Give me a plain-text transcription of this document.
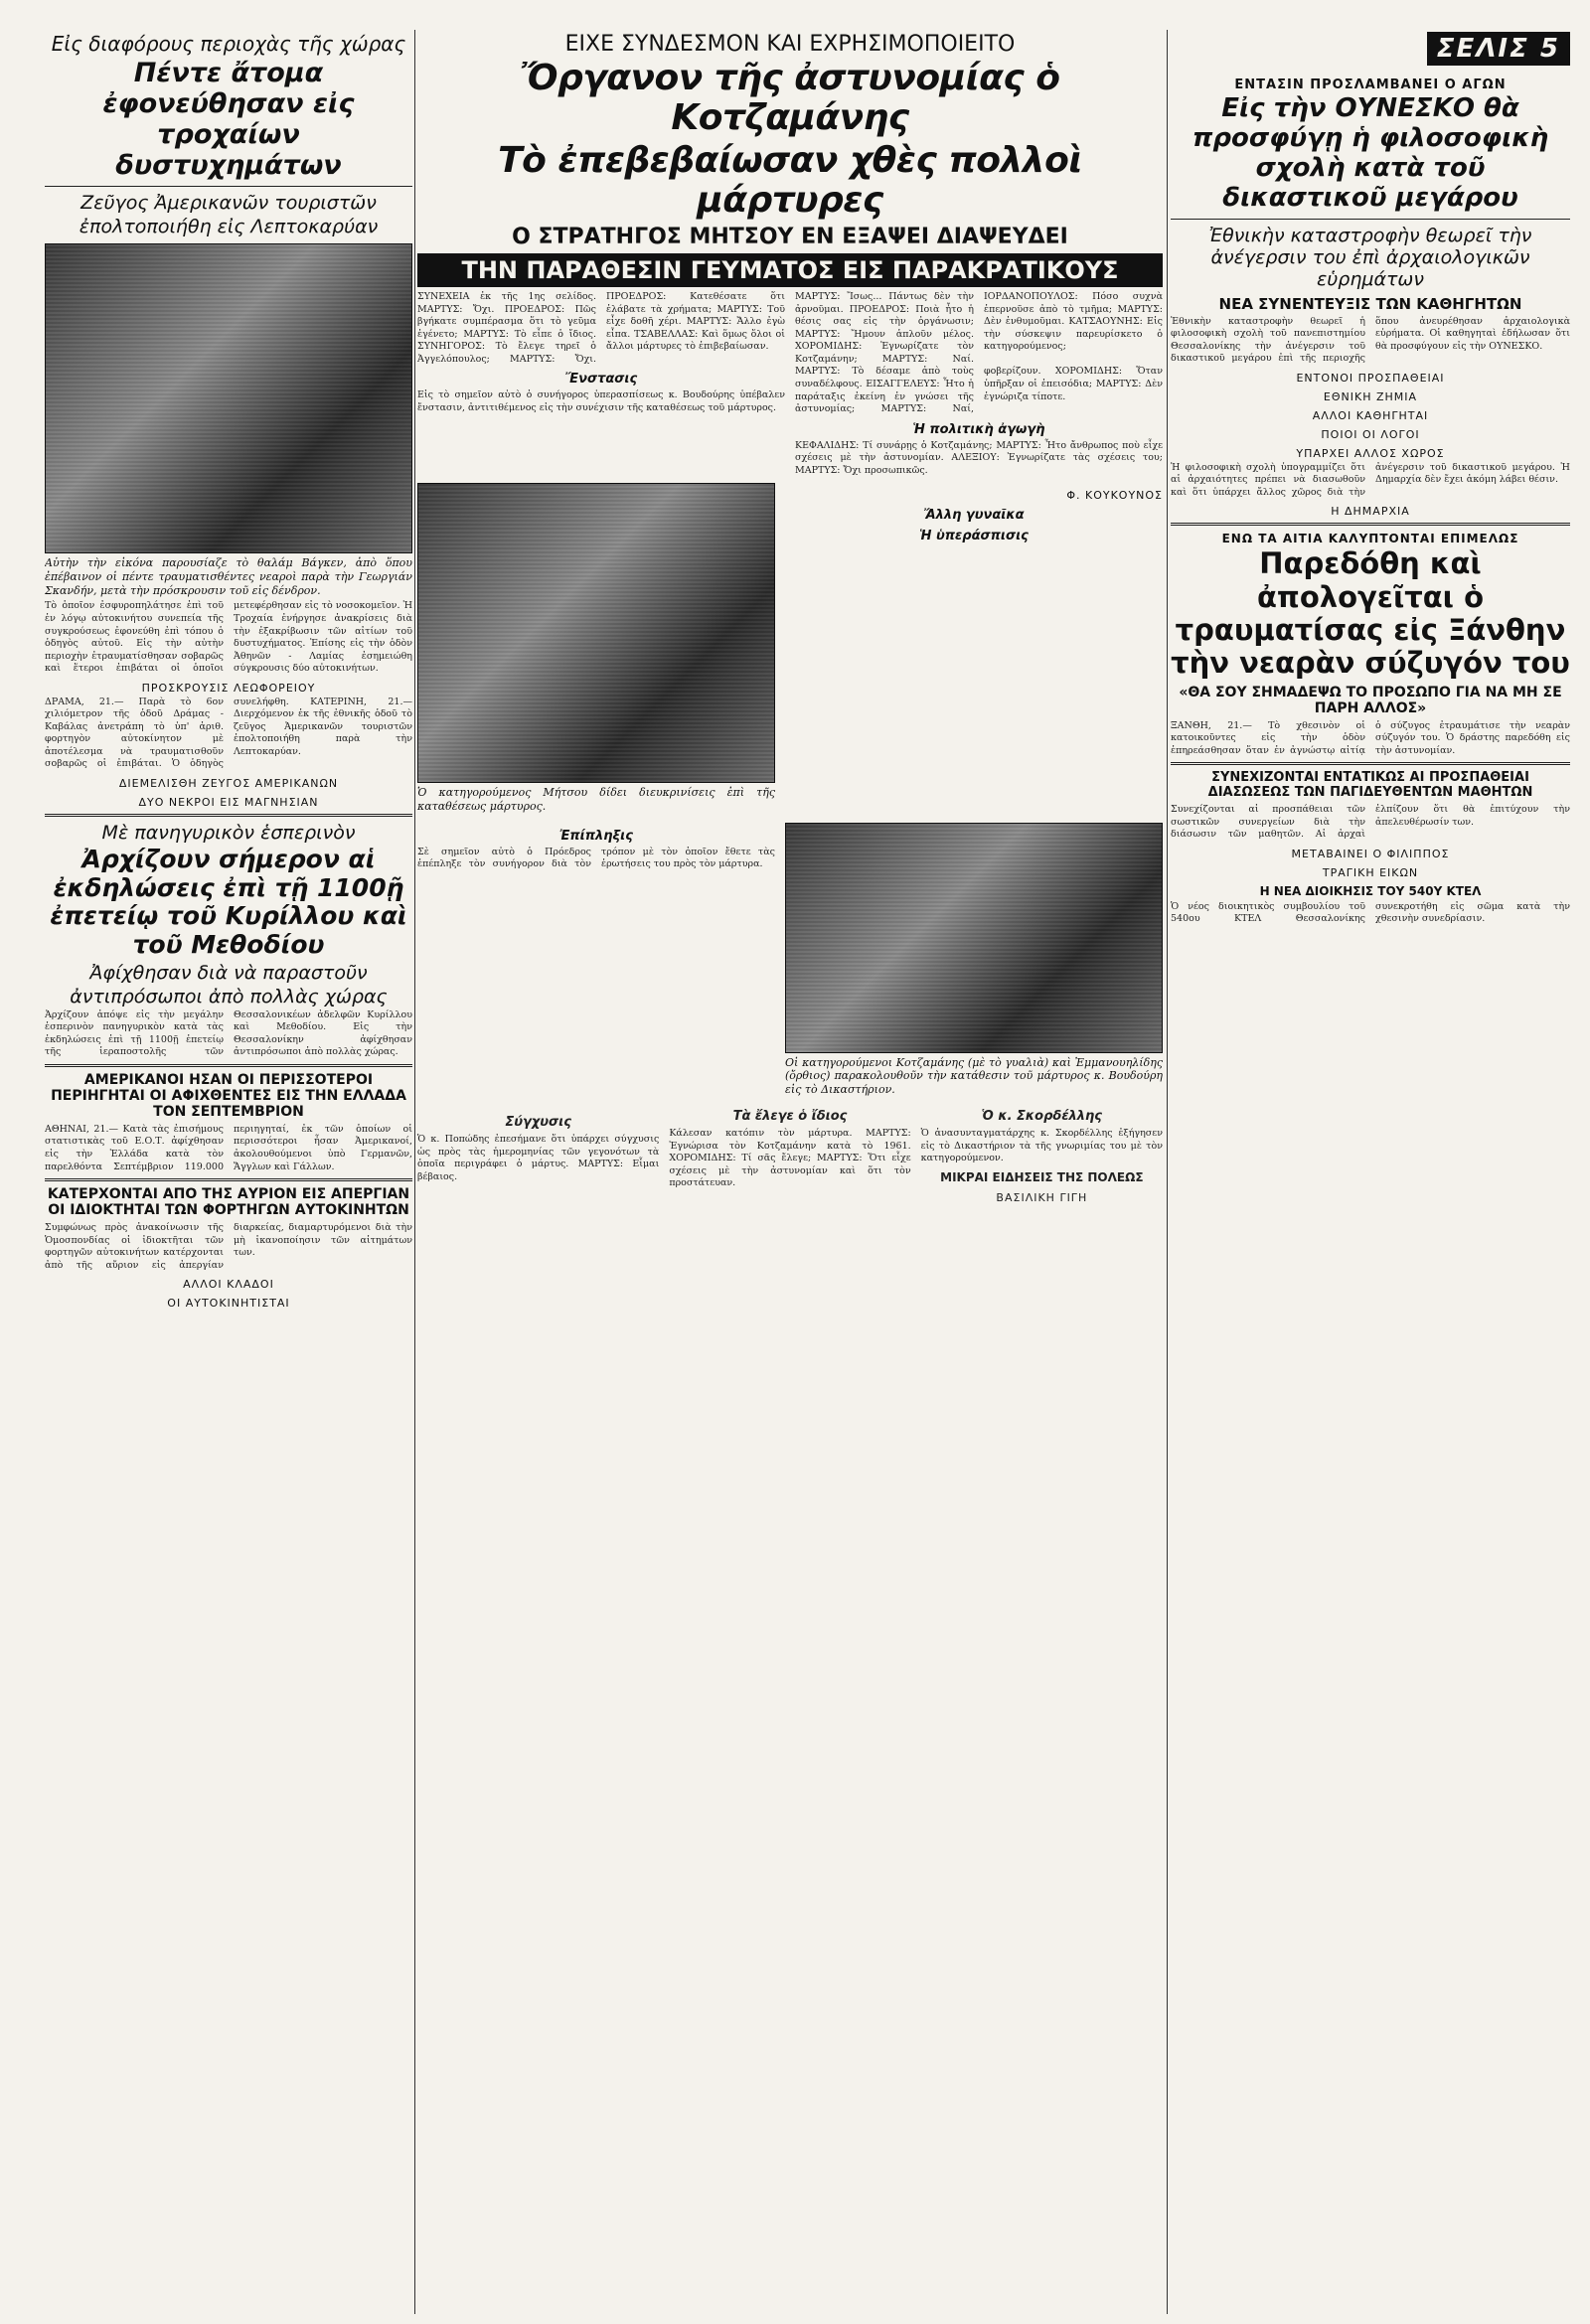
ΣΕΛΙΣ 5
Εἰς διαφόρους περιοχὰς τῆς χώρας
Πέντε ἄτομα ἐφονεύθησαν εἰς τροχαίων δυστυχημάτων
Ζεῦγος Ἀμερικανῶν τουριστῶν
ἐπολτοποιήθη εἰς Λεπτοκαρύαν
Αὐτὴν τὴν εἰκόνα παρουσίαζε τὸ θαλάμ Βάγκεν, ἀπὸ ὅπου ἐπέβαινον οἱ πέντε τραυματισθέντες νεαροὶ παρὰ τὴν Γεωργιάν Σκανδήν, μετὰ τὴν πρόσκρουσιν τοῦ εἰς δένδρον.

Τὸ ὁποῖον ἐσφυροπηλάτησε ἐπὶ τοῦ ἐν λόγῳ αὐτοκινήτου συνεπεία τῆς συγκρούσεως ἐφονεύθη ἐπὶ τόπου ὁ ὁδηγὸς αὐτοῦ. Εἰς τὴν αὐτὴν περιοχὴν ἐτραυματίσθησαν σοβαρῶς καὶ ἕτεροι ἐπιβάται οἱ ὁποῖοι μετεφέρθησαν εἰς τὸ νοσοκομεῖον. Ἡ Τροχαία ἐνήργησε ἀνακρίσεις διὰ τὴν ἐξακρίβωσιν τῶν αἰτίων τοῦ δυστυχήματος. Ἐπίσης εἰς τὴν ὁδὸν Ἀθηνῶν - Λαμίας ἐσημειώθη σύγκρουσις δύο αὐτοκινήτων.

ΠΡΟΣΚΡΟΥΣΙΣ ΛΕΩΦΟΡΕΙΟΥ

ΔΡΑΜΑ, 21.— Παρὰ τὸ 6ον χιλιόμετρον τῆς ὁδοῦ Δράμας - Καβάλας ἀνετράπη τὸ ὑπ' ἀριθ. φορτηγὸν αὐτοκίνητον μὲ ἀποτέλεσμα νὰ τραυματισθοῦν σοβαρῶς οἱ ἐπιβάται. Ὁ ὁδηγὸς συνελήφθη. ΚΑΤΕΡΙΝΗ, 21.— Διερχόμενον ἐκ τῆς ἐθνικῆς ὁδοῦ τὸ ζεῦγος Ἀμερικανῶν τουριστῶν ἐπολτοποιήθη παρὰ τὴν Λεπτοκαρύαν.

ΔΙΕΜΕΛΙΣΘΗ ΖΕΥΓΟΣ ΑΜΕΡΙΚΑΝΩΝ
ΔΥΟ ΝΕΚΡΟΙ ΕΙΣ ΜΑΓΝΗΣΙΑΝ
Μὲ πανηγυρικὸν ἑσπερινὸν
Ἀρχίζουν σήμερον αἱ ἐκδηλώσεις ἐπὶ τῇ 1100ῇ ἐπετείῳ τοῦ Κυρίλλου καὶ τοῦ Μεθοδίου
Ἀφίχθησαν διὰ νὰ παραστοῦν
ἀντιπρόσωποι ἀπὸ πολλὰς χώρας

Ἀρχίζουν ἀπόψε εἰς τὴν μεγάλην ἑσπερινὸν πανηγυρικὸν κατὰ τὰς ἐκδηλώσεις ἐπὶ τῇ 1100ῇ ἐπετείῳ τῆς ἱεραποστολῆς τῶν Θεσσαλονικέων ἀδελφῶν Κυρίλλου καὶ Μεθοδίου. Εἰς τὴν Θεσσαλονίκην ἀφίχθησαν ἀντιπρόσωποι ἀπὸ πολλὰς χώρας.

ΑΜΕΡΙΚΑΝΟΙ ΗΣΑΝ ΟΙ ΠΕΡΙΣΣΟΤΕΡΟΙ ΠΕΡΙΗΓΗΤΑΙ ΟΙ ΑΦΙΧΘΕΝΤΕΣ ΕΙΣ ΤΗΝ ΕΛΛΑΔΑ ΤΟΝ ΣΕΠΤΕΜΒΡΙΟΝ

ΑΘΗΝΑΙ, 21.— Κατὰ τὰς ἐπισήμους στατιστικὰς τοῦ Ε.Ο.Τ. ἀφίχθησαν εἰς τὴν Ἑλλάδα κατὰ τὸν παρελθόντα Σεπτέμβριον 119.000 περιηγηταί, ἐκ τῶν ὁποίων οἱ περισσότεροι ἦσαν Ἀμερικανοί, ἀκολουθούμενοι ὑπὸ Γερμανῶν, Ἄγγλων καὶ Γάλλων.

ΚΑΤΕΡΧΟΝΤΑΙ ΑΠΟ ΤΗΣ ΑΥΡΙΟΝ ΕΙΣ ΑΠΕΡΓΙΑΝ ΟΙ ΙΔΙΟΚΤΗΤΑΙ ΤΩΝ ΦΟΡΤΗΓΩΝ ΑΥΤΟΚΙΝΗΤΩΝ

Συμφώνως πρὸς ἀνακοίνωσιν τῆς Ὁμοσπονδίας οἱ ἰδιοκτῆται τῶν φορτηγῶν αὐτοκινήτων κατέρχονται ἀπὸ τῆς αὔριον εἰς ἀπεργίαν διαρκείας, διαμαρτυρόμενοι διὰ τὴν μὴ ἱκανοποίησιν τῶν αἰτημάτων των.

ΑΛΛΟΙ ΚΛΑΔΟΙ
ΟΙ ΑΥΤΟΚΙΝΗΤΙΣΤΑΙ
ΕΙΧΕ ΣΥΝΔΕΣΜΟΝ ΚΑΙ ΕΧΡΗΣΙΜΟΠΟΙΕΙΤΟ
Ὄργανον τῆς ἀστυνομίας ὁ Κοτζαμάνης
Τὸ ἐπεβεβαίωσαν χθὲς πολλοὶ μάρτυρες
Ο ΣΤΡΑΤΗΓΟΣ ΜΗΤΣΟΥ ΕΝ ΕΞΑΨΕΙ ΔΙΑΨΕΥΔΕΙ
ΤΗΝ ΠΑΡΑΘΕΣΙΝ ΓΕΥΜΑΤΟΣ ΕΙΣ ΠΑΡΑΚΡΑΤΙΚΟΥΣ

ΣΥΝΕΧΕΙΑ ἐκ τῆς 1ης σελίδος. ΜΑΡΤΥΣ: Ὄχι. ΠΡΟΕΔΡΟΣ: Πῶς βγήκατε συμπέρασμα ὅτι τὸ γεῦμα ἐγένετο; ΜΑΡΤΥΣ: Τὸ εἶπε ὁ ἴδιος. ΣΥΝΗΓΟΡΟΣ: Τὸ ἔλεγε τηρεῖ ὁ Ἀγγελόπουλος; ΜΑΡΤΥΣ: Ὄχι. ΠΡΟΕΔΡΟΣ: Κατεθέσατε ὅτι ἐλάβατε τὰ χρήματα; ΜΑΡΤΥΣ: Τοῦ εἶχε δοθῆ χέρι. ΜΑΡΤΥΣ: Ἄλλο ἐγὼ εἶπα. ΤΣΑΒΕΛΛΑΣ: Καὶ ὅμως ὅλοι οἱ ἄλλοι μάρτυρες τὸ ἐπιβεβαίωσαν.

Ἔνστασις

Εἰς τὸ σημεῖον αὐτὸ ὁ συνήγορος ὑπερασπίσεως κ. Βουδούρης ὑπέβαλεν ἔνστασιν, ἀντιτιθέμενος εἰς τὴν συνέχισιν τῆς καταθέσεως τοῦ μάρτυρος.

ΜΑΡΤΥΣ: Ἴσως... Πάντως δὲν τὴν ἀρνοῦμαι. ΠΡΟΕΔΡΟΣ: Ποιὰ ἦτο ἡ θέσις σας εἰς τὴν ὀργάνωσιν; ΜΑΡΤΥΣ: Ἤμουν ἁπλοῦν μέλος. ΧΟΡΟΜΙΔΗΣ: Ἐγνωρίζατε τὸν Κοτζαμάνην; ΜΑΡΤΥΣ: Ναί. ΙΟΡΔΑΝΟΠΟΥΛΟΣ: Πόσο συχνὰ ἐπερνοῦσε ἀπὸ τὸ τμῆμα; ΜΑΡΤΥΣ: Δὲν ἐνθυμοῦμαι. ΚΑΤΣΑΟΥΝΗΣ: Εἰς τὴν σύσκεψιν παρευρίσκετο ὁ κατηγορούμενος;

ΜΑΡΤΥΣ: Τὸ δέσαμε ἀπὸ τοὺς συναδέλφους. ΕΙΣΑΓΓΕΛΕΥΣ: Ἦτο ἡ παράταξις ἐκείνη ἐν γνώσει τῆς ἀστυνομίας; ΜΑΡΤΥΣ: Ναί, φοβερίζουν. ΧΟΡΟΜΙΔΗΣ: Ὅταν ὑπῆρξαν οἱ ἐπεισόδια; ΜΑΡΤΥΣ: Δὲν ἐγνώριζα τίποτε.

Ἡ πολιτικὴ ἀγωγὴ

ΚΕΦΑΛΙΔΗΣ: Τί συνάρῃς ὁ Κοτζαμάνης; ΜΑΡΤΥΣ: Ἦτο ἄνθρωπος ποὺ εἶχε σχέσεις μὲ τὴν ἀστυνομίαν. ΑΛΕΞΙΟΥ: Ἐγνωρίζατε τὰς σχέσεις του; ΜΑΡΤΥΣ: Ὄχι προσωπικῶς.

Ὁ κατηγορούμενος Μήτσου δίδει διευκρινίσεις ἐπὶ τῆς καταθέσεως μάρτυρος.
Φ. ΚΟΥΚΟΥΝΟΣ
Ἄλλη γυναῖκα
Ἡ ὑπεράσπισις
Ἐπίπληξις

Σὲ σημεῖον αὐτὸ ὁ Πρόεδρος ἐπέπληξε τὸν συνήγορον διὰ τὸν τρόπον μὲ τὸν ὁποῖον ἔθετε τὰς ἐρωτήσεις του πρὸς τὸν μάρτυρα.

Οἱ κατηγορούμενοι Κοτζαμάνης (μὲ τὸ γυαλιὰ) καὶ Ἐμμανουηλίδης (ὄρθιος) παρακολουθοῦν τὴν κατάθεσιν τοῦ μάρτυρος κ. Βουδούρη εἰς τὸ Δικαστήριον.
Σύγχυσις

Ὁ κ. Ποπώδης ἐπεσήμανε ὅτι ὑπάρχει σύγχυσις ὡς πρὸς τὰς ἡμερομηνίας τῶν γεγονότων τὰ ὁποῖα περιγράφει ὁ μάρτυς. ΜΑΡΤΥΣ: Εἶμαι βέβαιος.

Τὰ ἔλεγε ὁ ἴδιος

Κάλεσαν κατόπιν τὸν μάρτυρα. ΜΑΡΤΥΣ: Ἐγνώρισα τὸν Κοτζαμάνην κατὰ τὸ 1961. ΧΟΡΟΜΙΔΗΣ: Τί σᾶς ἔλεγε; ΜΑΡΤΥΣ: Ὅτι εἶχε σχέσεις μὲ τὴν ἀστυνομίαν καὶ ὅτι τὸν προστάτευαν.

Ὁ κ. Σκορδέλλης

Ὁ ἀνασυνταγματάρχης κ. Σκορδέλλης ἐξήγησεν εἰς τὸ Δικαστήριον τὰ τῆς γνωριμίας του μὲ τὸν κατηγορούμενον.

ΜΙΚΡΑΙ ΕΙΔΗΣΕΙΣ ΤΗΣ ΠΟΛΕΩΣ
ΒΑΣΙΛΙΚΗ ΓΙΓΗ
ΕΝΤΑΣΙΝ ΠΡΟΣΛΑΜΒΑΝΕΙ Ο ΑΓΩΝ
Εἰς τὴν ΟΥΝΕΣΚΟ θὰ προσφύγῃ ἡ φιλοσοφικὴ σχολὴ κατὰ τοῦ δικαστικοῦ μεγάρου
Ἐθνικὴν καταστροφὴν θεωρεῖ τὴν ἀνέγερσιν του ἐπὶ ἀρχαιολογικῶν εὑρημάτων
ΝΕΑ ΣΥΝΕΝΤΕΥΞΙΣ ΤΩΝ ΚΑΘΗΓΗΤΩΝ

Ἐθνικὴν καταστροφὴν θεωρεῖ ἡ φιλοσοφικὴ σχολὴ τοῦ πανεπιστημίου Θεσσαλονίκης τὴν ἀνέγερσιν τοῦ δικαστικοῦ μεγάρου ἐπὶ τῆς περιοχῆς ὅπου ἀνευρέθησαν ἀρχαιολογικὰ εὑρήματα. Οἱ καθηγηταὶ ἐδήλωσαν ὅτι θὰ προσφύγουν εἰς τὴν ΟΥΝΕΣΚΟ.

ΕΝΤΟΝΟΙ ΠΡΟΣΠΑΘΕΙΑΙ
ΕΘΝΙΚΗ ΖΗΜΙΑ
ΑΛΛΟΙ ΚΑΘΗΓΗΤΑΙ
ΠΟΙΟΙ ΟΙ ΛΟΓΟΙ
ΥΠΑΡΧΕΙ ΑΛΛΟΣ ΧΩΡΟΣ

Ἡ φιλοσοφικὴ σχολὴ ὑπογραμμίζει ὅτι αἱ ἀρχαιότητες πρέπει νὰ διασωθοῦν καὶ ὅτι ὑπάρχει ἄλλος χῶρος διὰ τὴν ἀνέγερσιν τοῦ δικαστικοῦ μεγάρου. Ἡ Δημαρχία δὲν ἔχει ἀκόμη λάβει θέσιν.

Η ΔΗΜΑΡΧΙΑ
ΕΝΩ ΤΑ ΑΙΤΙΑ ΚΑΛΥΠΤΟΝΤΑΙ ΕΠΙΜΕΛΩΣ
Παρεδόθη καὶ ἀπολογεῖται ὁ τραυματίσας εἰς Ξάνθην τὴν νεαρὰν σύζυγόν του
«ΘΑ ΣΟΥ ΣΗΜΑΔΕΨΩ ΤΟ ΠΡΟΣΩΠΟ ΓΙΑ ΝΑ ΜΗ ΣΕ ΠΑΡΗ ΑΛΛΟΣ»

ΞΑΝΘΗ, 21.— Τὸ χθεσινὸν οἱ κατοικοῦντες εἰς τὴν ὁδὸν ἐπηρεάσθησαν ὅταν ἐν ἀγνώστῳ αἰτίᾳ ὁ σύζυγος ἐτραυμάτισε τὴν νεαρὰν σύζυγόν του. Ὁ δράστης παρεδόθη εἰς τὴν ἀστυνομίαν.

ΣΥΝΕΧΙΖΟΝΤΑΙ ΕΝΤΑΤΙΚΩΣ ΑΙ ΠΡΟΣΠΑΘΕΙΑΙ ΔΙΑΣΩΣΕΩΣ ΤΩΝ ΠΑΓΙΔΕΥΘΕΝΤΩΝ ΜΑΘΗΤΩΝ

Συνεχίζονται αἱ προσπάθειαι τῶν σωστικῶν συνεργείων διὰ τὴν διάσωσιν τῶν μαθητῶν. Αἱ ἀρχαὶ ἐλπίζουν ὅτι θὰ ἐπιτύχουν τὴν ἀπελευθέρωσίν των.

ΜΕΤΑΒΑΙΝΕΙ Ο ΦΙΛΙΠΠΟΣ
ΤΡΑΓΙΚΗ ΕΙΚΩΝ
Η ΝΕΑ ΔΙΟΙΚΗΣΙΣ ΤΟΥ 540Υ ΚΤΕΛ

Ὁ νέος διοικητικὸς συμβουλίου τοῦ 540ου ΚΤΕΛ Θεσσαλονίκης συνεκροτήθη εἰς σῶμα κατὰ τὴν χθεσινὴν συνεδρίασιν.
